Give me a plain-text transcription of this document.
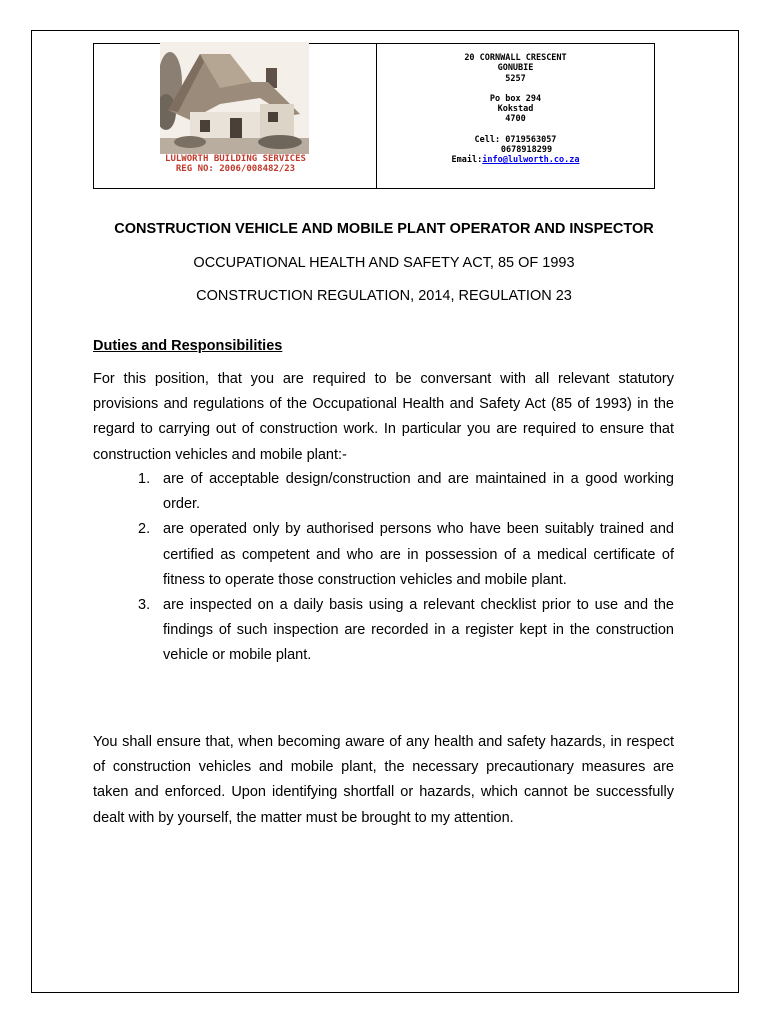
LULWORTH BUILDING SERVICES
REG NO: 2006/008482/23
20 CORNWALL CRESCENT
GONUBIE
5257
Po box 294
Kokstad
4700
Cell: 0719563057
0678918299
Email:info@lulworth.co.za
CONSTRUCTION VEHICLE AND MOBILE PLANT OPERATOR AND INSPECTOR
OCCUPATIONAL HEALTH AND SAFETY ACT, 85 OF 1993
CONSTRUCTION REGULATION, 2014, REGULATION 23
Duties and Responsibilities
For this position, that you are required to be conversant with all relevant statutory provisions and regulations of the Occupational Health and Safety Act (85 of 1993) in the regard to carrying out of construction work. In particular you are required to ensure that construction vehicles and mobile plant:-
1. are of acceptable design/construction and are maintained in a good working order.
2. are operated only by authorised persons who have been suitably trained and certified as competent and who are in possession of a medical certificate of fitness to operate those construction vehicles and mobile plant.
3. are inspected on a daily basis using a relevant checklist prior to use and the findings of such inspection are recorded in a register kept in the construction vehicle or mobile plant.
You shall ensure that, when becoming aware of any health and safety hazards, in respect of construction vehicles and mobile plant, the necessary precautionary measures are taken and enforced. Upon identifying shortfall or hazards, which cannot be successfully dealt with by yourself, the matter must be brought to my attention.
